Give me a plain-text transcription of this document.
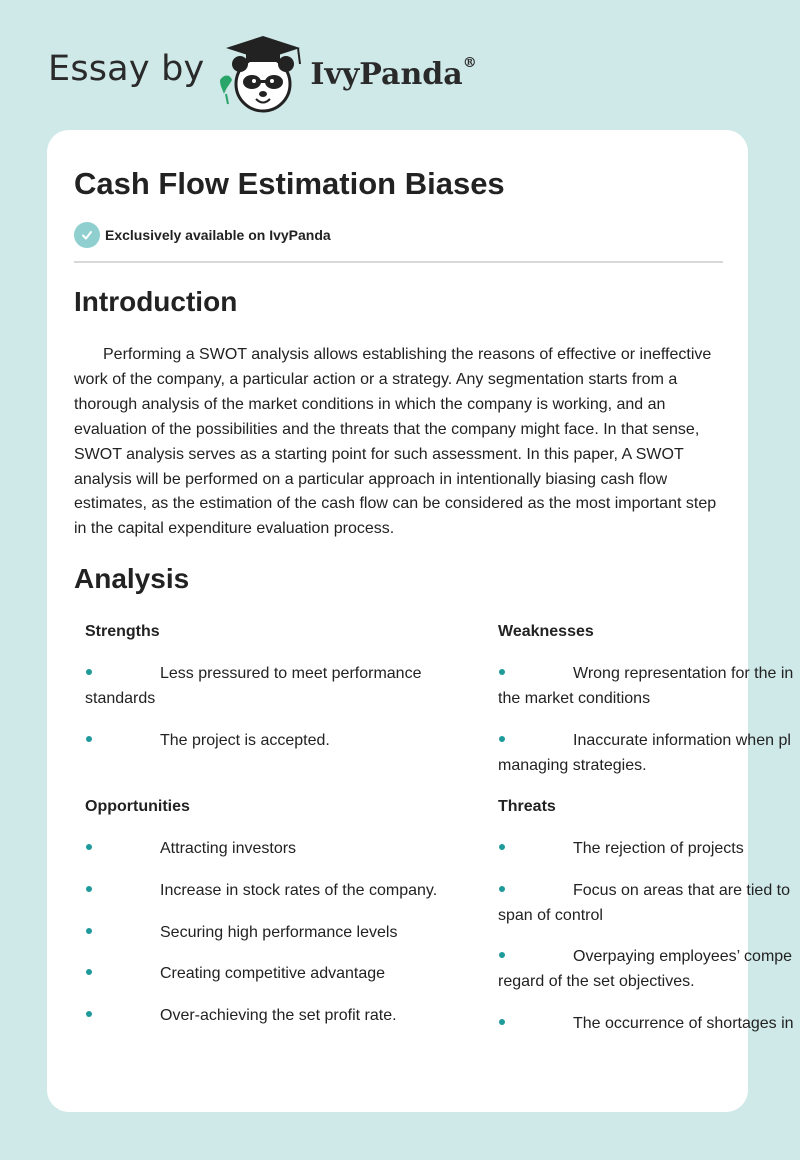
Essay by	IvyPanda®
Cash Flow Estimation Biases
Exclusively available on IvyPanda
Introduction

Performing a SWOT analysis allows establishing the reasons of effective or ineffective work of the company, a particular action or a strategy. Any segmentation starts from a thorough analysis of the market conditions in which the company is working, and an evaluation of the possibilities and the threats that the company might face. In that sense, SWOT analysis serves as a starting point for such assessment. In this paper, A SWOT analysis will be performed on a particular approach in intentionally biasing cash flow estimates, as the estimation of the cash flow can be considered as the most important step in the capital expenditure evaluation process.

Analysis
Strengths
Less pressured to meet performance standards
The project is accepted.
Weaknesses
Wrong representation for the in the market conditions
Inaccurate information when pl managing strategies.
Opportunities
Attracting investors
Increase in stock rates of the company.
Securing high performance levels
Creating competitive advantage
Over-achieving the set profit rate.
Threats
The rejection of projects
Focus on areas that are tied to span of control
Overpaying employees’ compe regard of the set objectives.
The occurrence of shortages in
